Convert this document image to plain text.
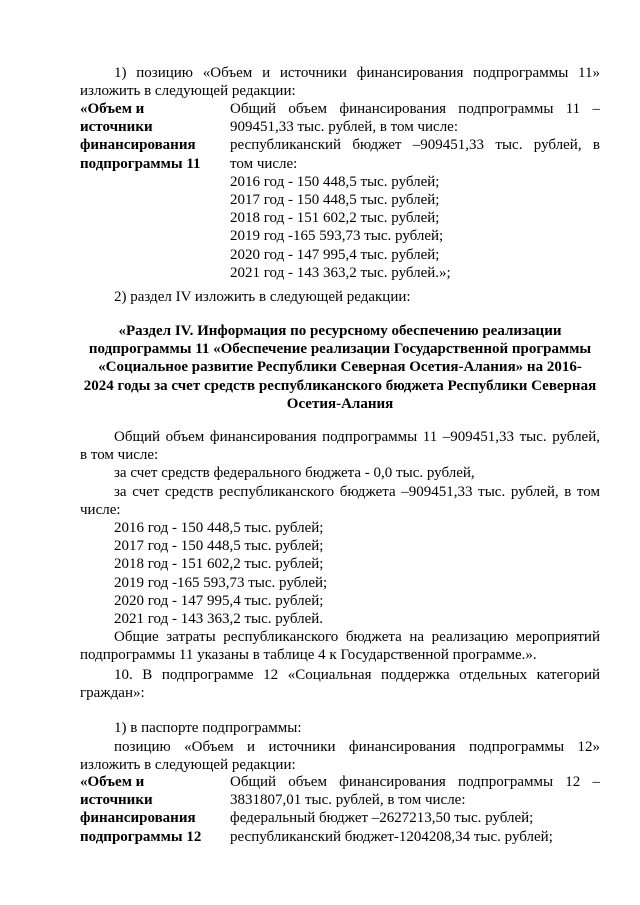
1) позицию «Объем и источники финансирования подпрограммы 11»
изложить в следующей редакции:
«Объем и
источники
финансирования
подпрограммы 11
Общий объем финансирования подпрограммы 11 –
909451,33 тыс. рублей, в том числе:
республиканский бюджет –909451,33 тыс. рублей, в
том числе:
2016 год - 150 448,5 тыс. рублей;
2017 год - 150 448,5 тыс. рублей;
2018 год - 151 602,2 тыс. рублей;
2019 год -165 593,73 тыс. рублей;
2020 год - 147 995,4 тыс. рублей;
2021 год - 143 363,2 тыс. рублей.»;
2) раздел IV изложить в следующей редакции:
«Раздел IV. Информация по ресурсному обеспечению реализации
подпрограммы 11 «Обеспечение реализации Государственной программы
«Социальное развитие Республики Северная Осетия-Алания» на 2016-
2024 годы за счет средств республиканского бюджета Республики Северная
Осетия-Алания
Общий объем финансирования подпрограммы 11 –909451,33 тыс. рублей,
в том числе:
за счет средств федерального бюджета - 0,0 тыс. рублей,
за счет средств республиканского бюджета –909451,33 тыс. рублей, в том
числе:
2016 год - 150 448,5 тыс. рублей;
2017 год - 150 448,5 тыс. рублей;
2018 год - 151 602,2 тыс. рублей;
2019 год -165 593,73 тыс. рублей;
2020 год - 147 995,4 тыс. рублей;
2021 год - 143 363,2 тыс. рублей.
Общие затраты республиканского бюджета на реализацию мероприятий
подпрограммы 11 указаны в таблице 4 к Государственной программе.».
10. В подпрограмме 12 «Социальная поддержка отдельных категорий
граждан»:
1) в паспорте подпрограммы:
позицию «Объем и источники финансирования подпрограммы 12»
изложить в следующей редакции:
«Объем и
источники
финансирования
подпрограммы 12
Общий объем финансирования подпрограммы 12 –
3831807,01 тыс. рублей, в том числе:
федеральный бюджет –2627213,50 тыс. рублей;
республиканский бюджет-1204208,34 тыс. рублей;
